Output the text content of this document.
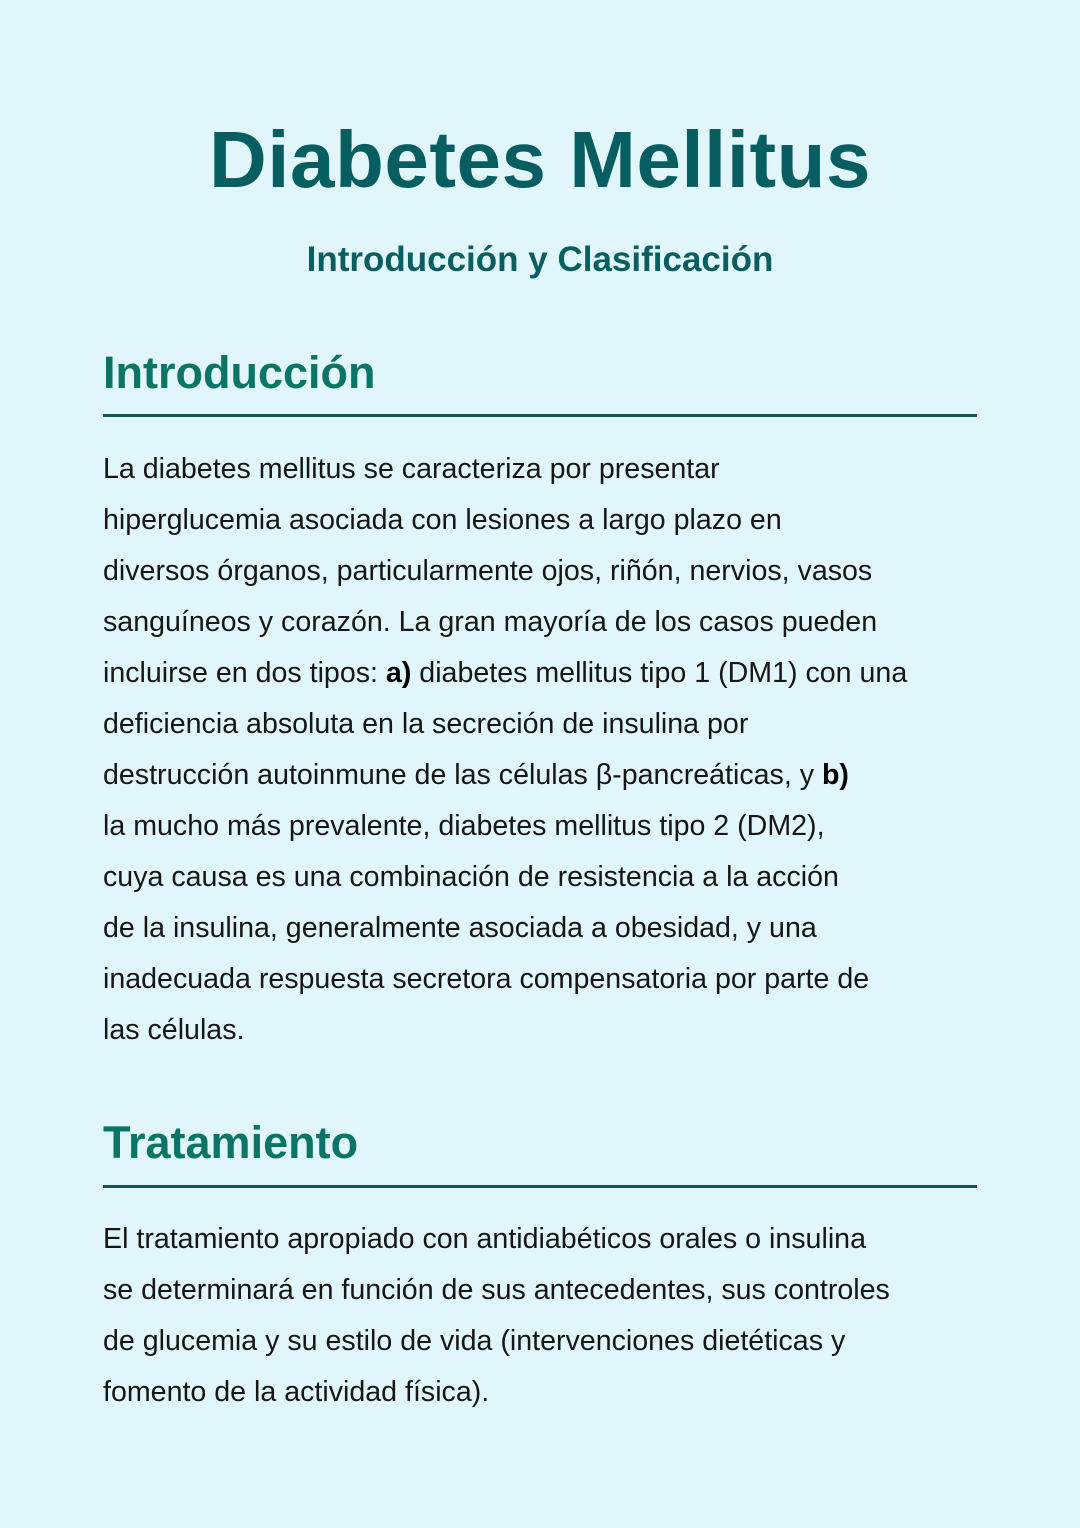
Diabetes Mellitus
Introducción y Clasificación
Introducción
La diabetes mellitus se caracteriza por presentar
hiperglucemia asociada con lesiones a largo plazo en
diversos órganos, particularmente ojos, riñón, nervios, vasos
sanguíneos y corazón. La gran mayoría de los casos pueden
incluirse en dos tipos: a) diabetes mellitus tipo 1 (DM1) con una
deficiencia absoluta en la secreción de insulina por
destrucción autoinmune de las células β-pancreáticas, y b)
la mucho más prevalente, diabetes mellitus tipo 2 (DM2),
cuya causa es una combinación de resistencia a la acción
de la insulina, generalmente asociada a obesidad, y una
inadecuada respuesta secretora compensatoria por parte de
las células.
Tratamiento
El tratamiento apropiado con antidiabéticos orales o insulina
se determinará en función de sus antecedentes, sus controles
de glucemia y su estilo de vida (intervenciones dietéticas y
fomento de la actividad física).
